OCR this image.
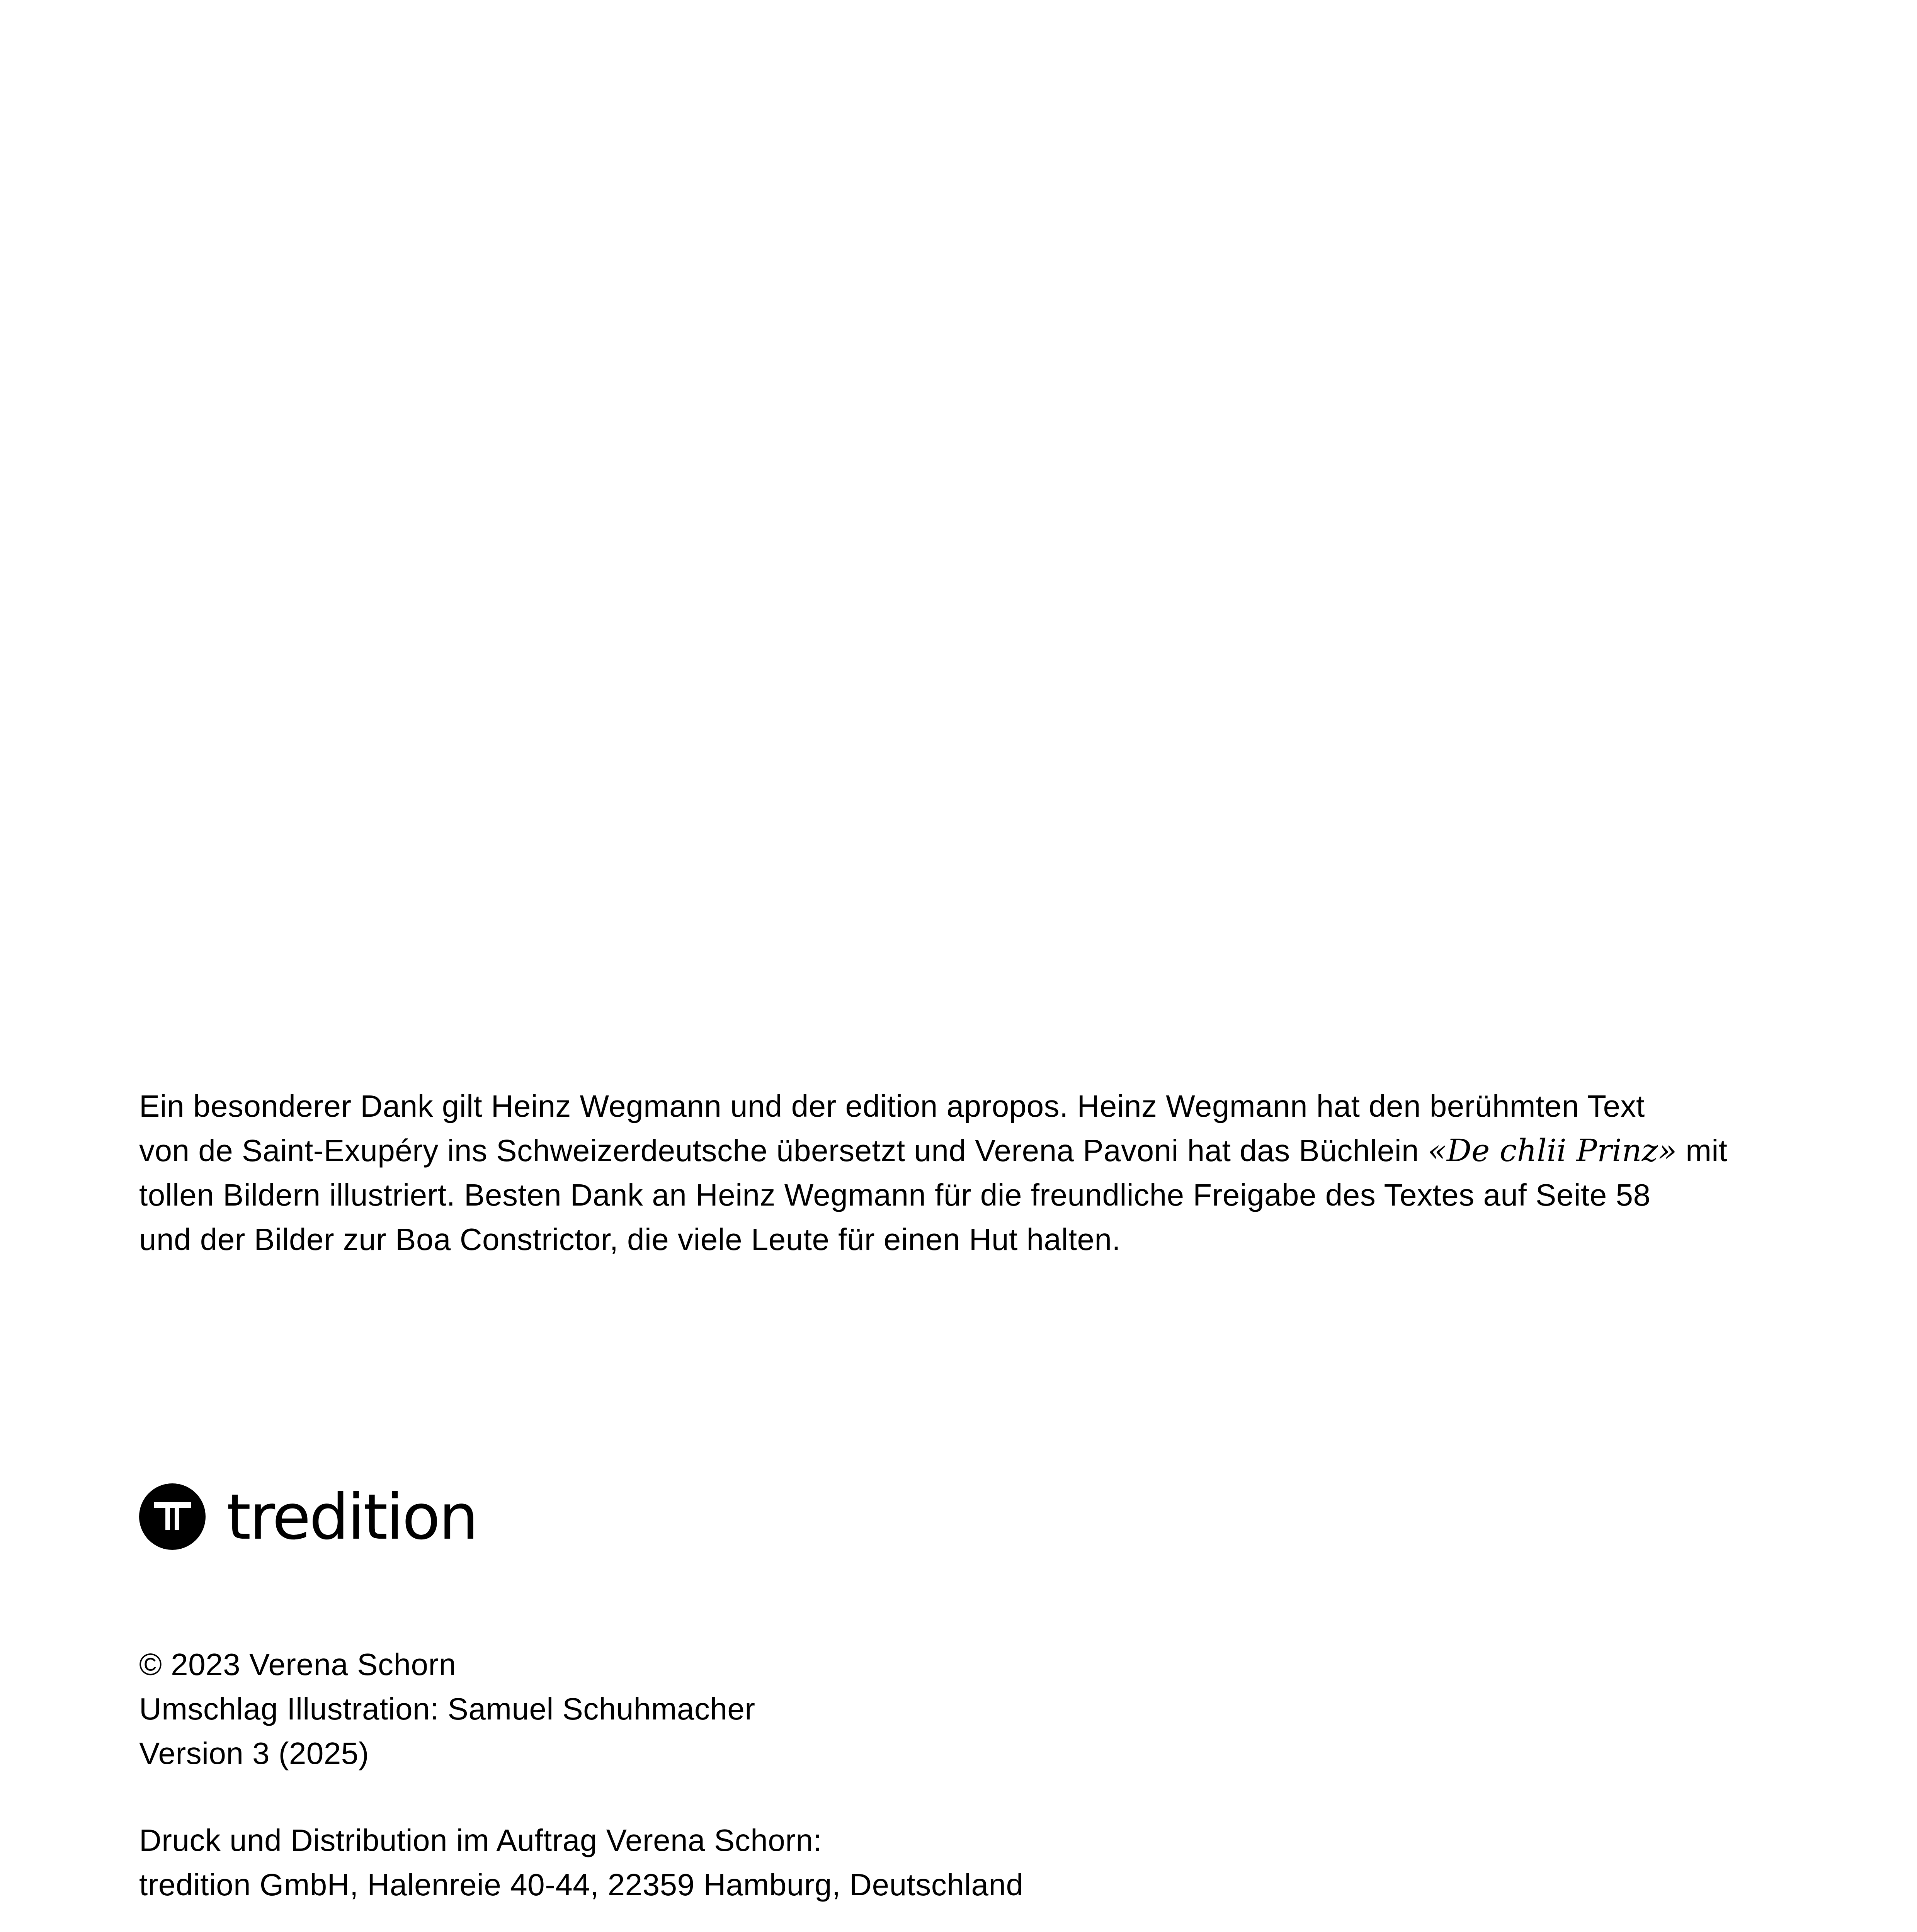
Ein besonderer Dank gilt Heinz Wegmann und der edition apropos. Heinz Wegmann hat den berühmten Text
von de Saint-Exupéry ins Schweizerdeutsche übersetzt und Verena Pavoni hat das Büchlein «De chlii Prinz» mit
tollen Bildern illustriert. Besten Dank an Heinz Wegmann für die freundliche Freigabe des Textes auf Seite 58
und der Bilder zur Boa Constrictor, die viele Leute für einen Hut halten.
tredition
© 2023 Verena Schorn
Umschlag Illustration: Samuel Schuhmacher
Version 3 (2025)
Druck und Distribution im Auftrag Verena Schorn:
tredition GmbH, Halenreie 40-44, 22359 Hamburg, Deutschland
